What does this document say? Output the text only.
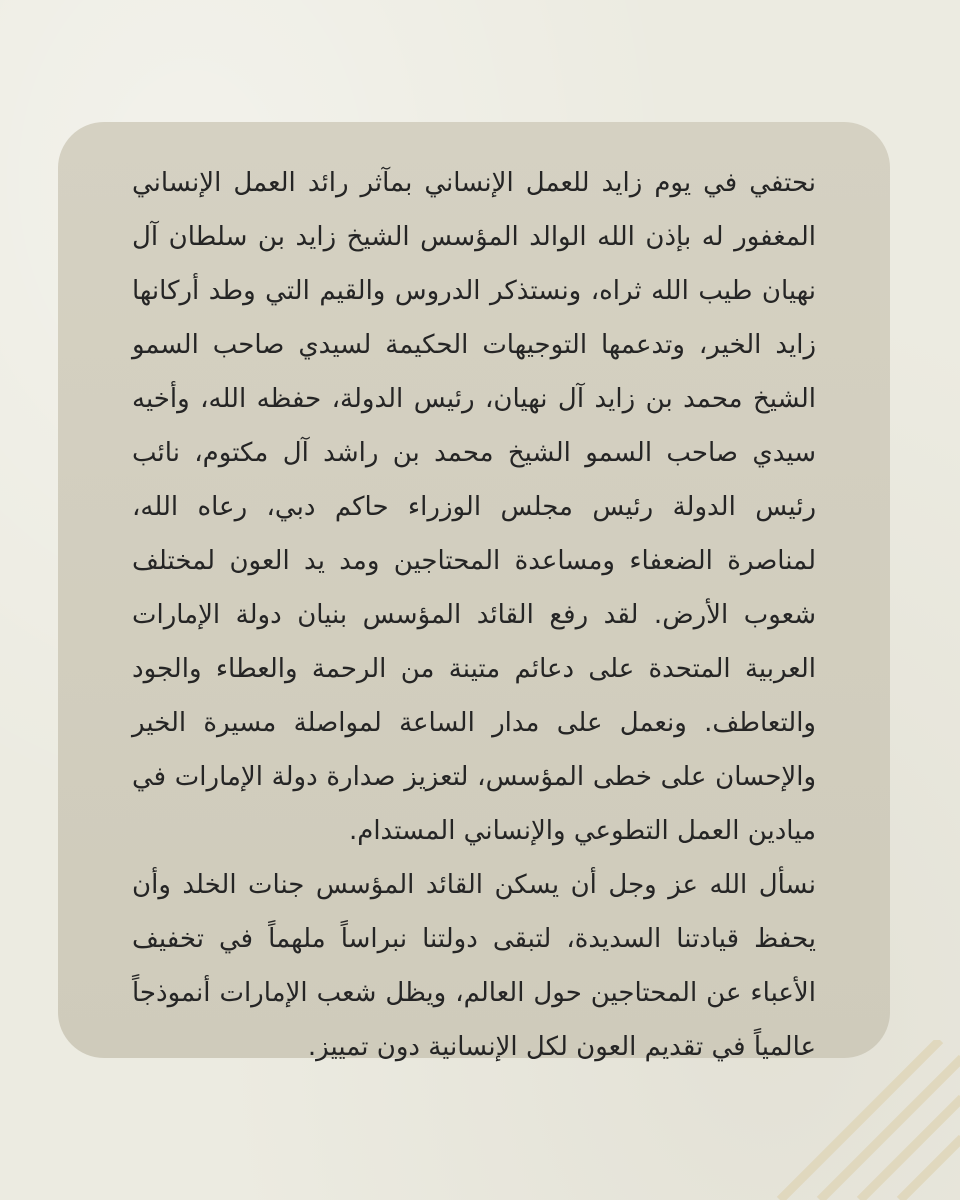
نحتفي في يوم زايد للعمل الإنساني بمآثر رائد العمل الإنساني المغفور له بإذن الله الوالد المؤسس الشيخ زايد بن سلطان آل نهيان طيب الله ثراه، ونستذكر الدروس والقيم التي وطد أركانها زايد الخير، وتدعمها التوجيهات الحكيمة لسيدي صاحب السمو الشيخ محمد بن زايد آل نهيان، رئيس الدولة، حفظه الله، وأخيه سيدي صاحب السمو الشيخ محمد بن راشد آل مكتوم، نائب رئيس الدولة رئيس مجلس الوزراء حاكم دبي، رعاه الله، لمناصرة الضعفاء ومساعدة المحتاجين ومد يد العون لمختلف شعوب الأرض. لقد رفع القائد المؤسس بنيان دولة الإمارات العربية المتحدة على دعائم متينة من الرحمة والعطاء والجود والتعاطف. ونعمل على مدار الساعة لمواصلة مسيرة الخير والإحسان على خطى المؤسس، لتعزيز صدارة دولة الإمارات في ميادين العمل التطوعي والإنساني المستدام.

نسأل الله عز وجل أن يسكن القائد المؤسس جنات الخلد وأن يحفظ قيادتنا السديدة، لتبقى دولتنا نبراساً ملهماً في تخفيف الأعباء عن المحتاجين حول العالم، ويظل شعب الإمارات أنموذجاً عالمياً في تقديم العون لكل الإنسانية دون تمييز.
